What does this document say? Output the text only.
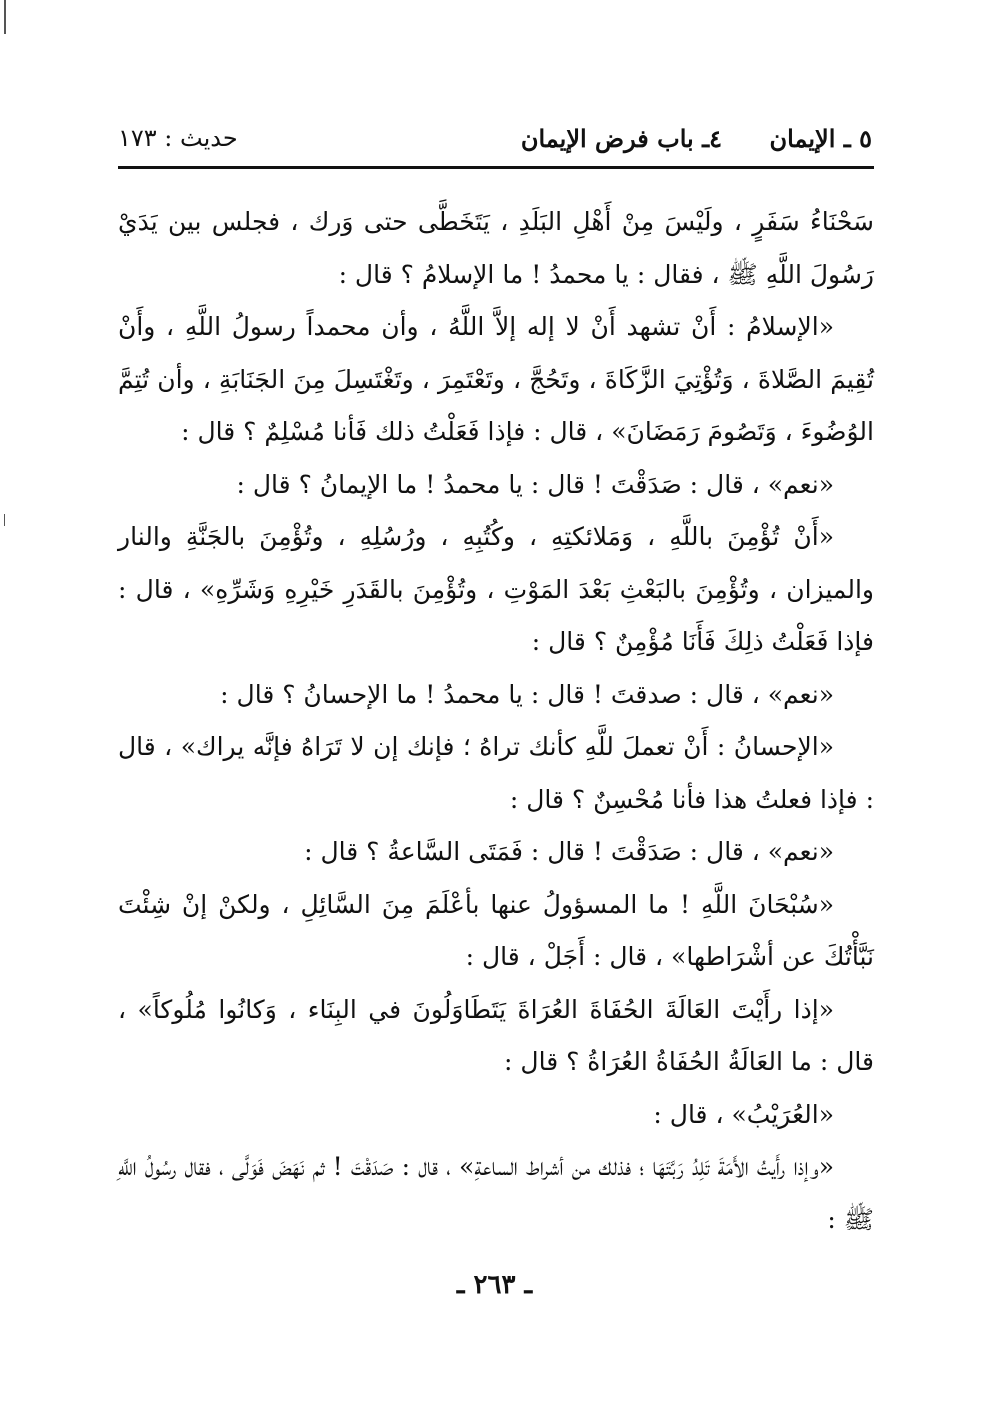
٥ ـ الإيمان
٤ـ باب فرض الإيمان
حديث : ١٧٣

سَحْنَاءُ سَفَرٍ ، ولَيْسَ مِنْ أَهْلِ البَلَدِ ، يَتَخَطَّى حتى وَرك ، فجلس بين يَدَيْ رَسُولَ اللَّهِ ﷺ ، فقال : يا محمدُ ! ما الإسلامُ ؟ قال :

«الإسلامُ : أَنْ تشهد أَنْ لا إله إلاَّ اللَّهُ ، وأن محمداً رسولُ اللَّهِ ، وأَنْ تُقِيمَ الصَّلاةَ ، وَتُؤْتِيَ الزَّكَاةَ ، وتَحُجَّ ، وتَعْتَمِرَ ، وتَغْتَسِلَ مِنَ الجَنَابَةِ ، وأن تُتِمَّ الوُضُوءَ ، وَتَصُومَ رَمَضَانَ» ، قال : فإذا فَعَلْتُ ذلك فَأنا مُسْلِمٌ ؟ قال :

«نعم» ، قال : صَدَقْتَ ! قال : يا محمدُ ! ما الإيمانُ ؟ قال :

«أَنْ تُؤْمِنَ باللَّهِ ، وَمَلائكتِهِ ، وكُتُبِهِ ، ورُسُلِهِ ، وتُؤْمِنَ بالجَنَّةِ والنار والميزان ، وتُؤْمِنَ بالبَعْثِ بَعْدَ المَوْتِ ، وتُؤْمِنَ بالقَدَرِ خَيْرِهِ وَشَرِّهِ» ، قال : فإذا فَعَلْتُ ذلِكَ فَأَنَا مُؤْمِنٌ ؟ قال :

«نعم» ، قال : صدقتَ ! قال : يا محمدُ ! ما الإحسانُ ؟ قال :

«الإحسانُ : أَنْ تعملَ للَّهِ كأنك تراهُ ؛ فإنك إن لا تَرَاهُ فإنَّه يراك» ، قال : فإذا فعلتُ هذا فأنا مُحْسِنٌ ؟ قال :

«نعم» ، قال : صَدَقْتَ ! قال : فَمَتَى السَّاعةُ ؟ قال :

«سُبْحَانَ اللَّهِ ! ما المسؤولُ عنها بأعْلَمَ مِنَ السَّائِلِ ، ولكنْ إنْ شِئْتَ نَبَّأْتُكَ عن أشْرَاطها» ، قال : أَجَلْ ، قال :

«إذا رأَيْتَ العَالَةَ الحُفَاةَ العُرَاةَ يَتَطَاوَلُونَ في البِنَاء ، وَكانُوا مُلُوكاً» ، قال : ما العَالَةُ الحُفَاةُ العُرَاةُ ؟ قال :

«العُرَيْبُ» ، قال :

«وإذا رأَيتُ الأَمَةَ تَلِدُ رَبَّتَهَا ؛ فذلك من أشراط الساعةِ» ، قال : صَدَقْتَ ! ثم نَهَضَ فَوَلَّى ، فقال رسُولُ اللَّهِ ﷺ :

ـ ٢٦٣ ـ
